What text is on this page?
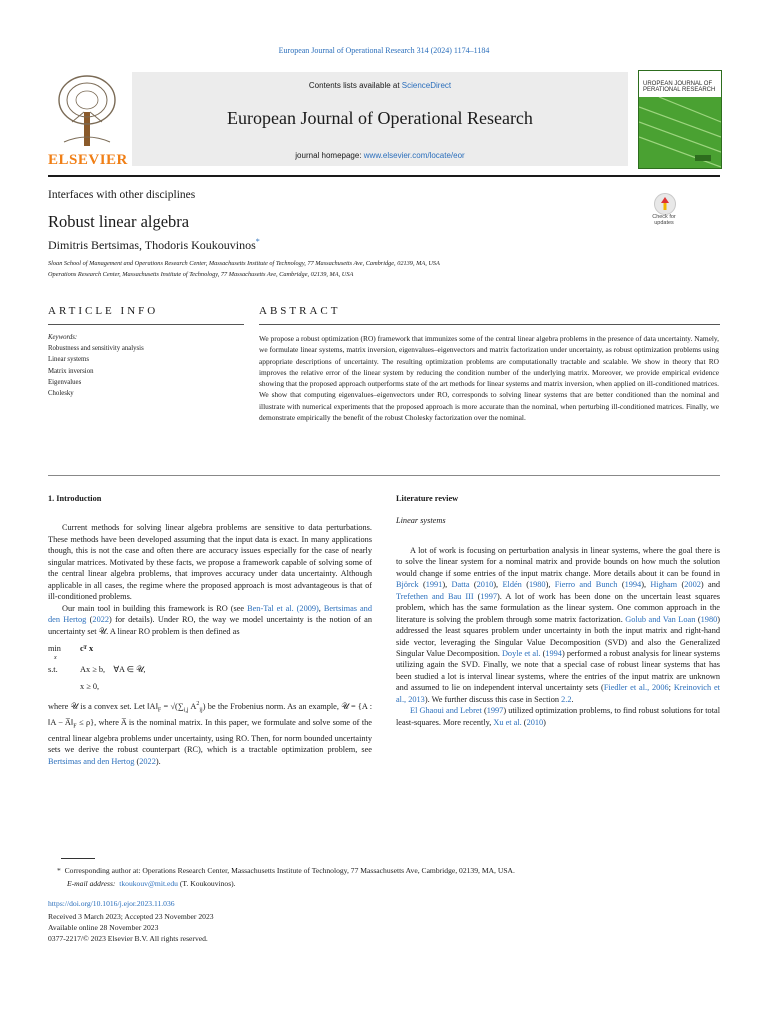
European Journal of Operational Research 314 (2024) 1174–1184
ELSEVIER
Contents lists available at ScienceDirect
European Journal of Operational Research
journal homepage: www.elsevier.com/locate/eor
UROPEAN JOURNAL OF
PERATIONAL RESEARCH
Interfaces with other disciplines
Robust linear algebra
Dimitris Bertsimas, Thodoris Koukouvinos*
Sloan School of Management and Operations Research Center, Massachusetts Institute of Technology, 77 Massachusetts Ave, Cambridge, 02139, MA, USA
Operations Research Center, Massachusetts Institute of Technology, 77 Massachusetts Ave, Cambridge, 02139, MA, USA
Check for
updates
ARTICLE INFO	ABSTRACT
Keywords:
Robustness and sensitivity analysis
Linear systems
Matrix inversion
Eigenvalues
Cholesky
We propose a robust optimization (RO) framework that immunizes some of the central linear algebra problems in the presence of data uncertainty. Namely, we formulate linear systems, matrix inversion, eigenvalues–eigenvectors and matrix factorization under uncertainty, as robust optimization problems using appropriate descriptions of uncertainty. The resulting optimization problems are computationally tractable and scalable. We show in theory that RO improves the relative error of the linear system by reducing the condition number of the underlying matrix. Moreover, we provide empirical evidence showing that the proposed approach outperforms state of the art methods for linear systems and matrix inversion, when applied on ill-conditioned matrices. We show that computing eigenvalues–eigenvectors under RO, corresponds to solving linear systems that are better conditioned than the nominal and illustrate with numerical experiments that the proposed approach is more accurate than the nominal, when perturbing ill-conditioned matrices. Finally, we demonstrate empirically the benefit of the robust Cholesky factorization over the nominal.
1. Introduction

Current methods for solving linear algebra problems are sensitive to data perturbations. These methods have been developed assuming that the input data is exact. In many applications though, this is not the case and often there are accuracy issues especially for the case of nearly singular matrices. Motivated by these facts, we propose a framework capable of solving some of the central linear algebra problems, that improves accuracy under data uncertainty. Although applicable in all cases, the regime where the proposed approach is most advantageous is that of ill-conditioned problems.

Our main tool in building this framework is RO (see Ben-Tal et al. (2009), Bertsimas and den Hertog (2022) for details). Under RO, the way we model uncertainty is the notion of an uncertainty set 𝒰. A linear RO problem is then defined as

min
x
cᵀ x
s.t.	Ax ≥ b,    ∀A ∈ 𝒰,
x ≥ 0,

where 𝒰 is a convex set. Let $‖A‖_F = √(\sum_{i,j}$ $A^2_{ij}$) be the Frobenius norm. As an example, 𝒰 = {A : ‖A − $A̅‖_F \le \rho$}, where A̅ is the nominal matrix. In this paper, we formulate and solve some of the central linear algebra problems under uncertainty, using RO. Then, for norm bounded uncertainty sets we derive the robust counterpart (RC), which is a tractable optimization problem, see Bertsimas and den Hertog (2022).

Literature review
Linear systems

A lot of work is focusing on perturbation analysis in linear systems, where the goal there is to solve the linear system for a nominal matrix and provide bounds on how much the solution would change if some entries of the input matrix change. More details about it can be found in Björck (1991), Datta (2010), Eldén (1980), Fierro and Bunch (1994), Higham (2002) and Trefethen and Bau III (1997). A lot of work has been done on the uncertain least squares problem, which has the same formulation as the linear system. One common approach in the literature is solving the problem through some matrix factorization. Golub and Van Loan (1980) addressed the least squares problem under uncertainty in both the input matrix and right-hand side vector, leveraging the Singular Value Decomposition (SVD) and also the Generalized Singular Value Decomposition. Doyle et al. (1994) performed a robust analysis for linear systems utilizing again the SVD. Finally, we note that a special case of robust linear systems that has been studied a lot is interval linear systems, where the entries of the input matrix are unknown and assumed to lie on independent interval uncertainty sets (Fiedler et al., 2006; Kreinovich et al., 2013). We further discuss this case in Section 2.2.

El Ghaoui and Lebret (1997) utilized optimization problems, to find robust solutions for total least-squares. More recently, Xu et al. (2010)

* Corresponding author at: Operations Research Center, Massachusetts Institute of Technology, 77 Massachusetts Ave, Cambridge, 02139, MA, USA.
E-mail address: tkoukouv@mit.edu (T. Koukouvinos).
https://doi.org/10.1016/j.ejor.2023.11.036
Received 3 March 2023; Accepted 23 November 2023
Available online 28 November 2023
0377-2217/© 2023 Elsevier B.V. All rights reserved.
